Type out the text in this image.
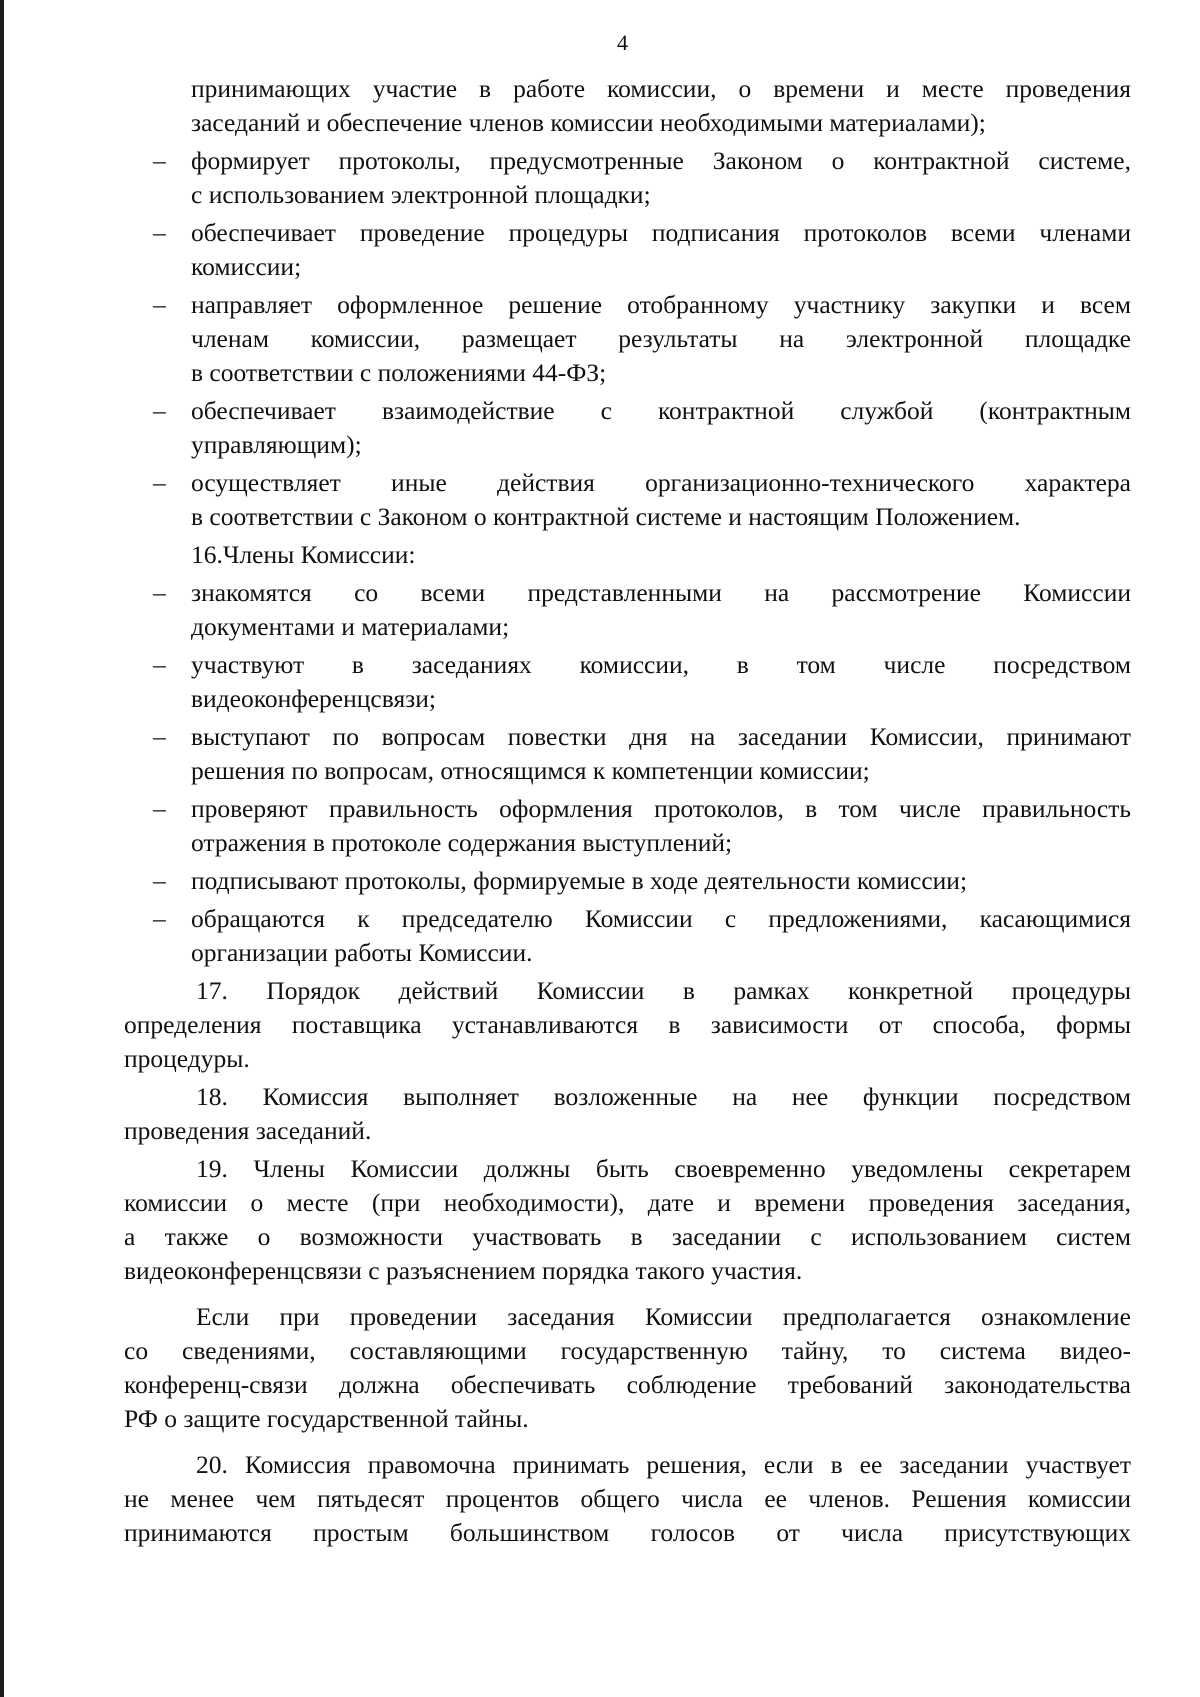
4
принимающих участие в работе комиссии, о времени и месте проведения
заседаний и обеспечение членов комиссии необходимыми материалами);
– формирует протоколы, предусмотренные Законом о контрактной системе,
с использованием электронной площадки;
– обеспечивает проведение процедуры подписания протоколов всеми членами
комиссии;
– направляет оформленное решение отобранному участнику закупки и всем
членам комиссии, размещает результаты на электронной площадке
в соответствии с положениями 44-ФЗ;
– обеспечивает взаимодействие с контрактной службой (контрактным
управляющим);
– осуществляет иные действия организационно-технического характера
в соответствии с Законом о контрактной системе и настоящим Положением.
16.Члены Комиссии:
– знакомятся со всеми представленными на рассмотрение Комиссии
документами и материалами;
– участвуют в заседаниях комиссии, в том числе посредством
видеоконференцсвязи;
– выступают по вопросам повестки дня на заседании Комиссии, принимают
решения по вопросам, относящимся к компетенции комиссии;
– проверяют правильность оформления протоколов, в том числе правильность
отражения в протоколе содержания выступлений;
– подписывают протоколы, формируемые в ходе деятельности комиссии;
– обращаются к председателю Комиссии с предложениями, касающимися
организации работы Комиссии.
17. Порядок действий Комиссии в рамках конкретной процедуры
определения поставщика устанавливаются в зависимости от способа, формы
процедуры.
18. Комиссия выполняет возложенные на нее функции посредством
проведения заседаний.
19. Члены Комиссии должны быть своевременно уведомлены секретарем
комиссии о месте (при необходимости), дате и времени проведения заседания,
а также о возможности участвовать в заседании с использованием систем
видеоконференцсвязи с разъяснением порядка такого участия.
Если при проведении заседания Комиссии предполагается ознакомление
со сведениями, составляющими государственную тайну, то система видео-
конференц-связи должна обеспечивать соблюдение требований законодательства
РФ о защите государственной тайны.
20. Комиссия правомочна принимать решения, если в ее заседании участвует
не менее чем пятьдесят процентов общего числа ее членов. Решения комиссии
принимаются простым большинством голосов от числа присутствующих
